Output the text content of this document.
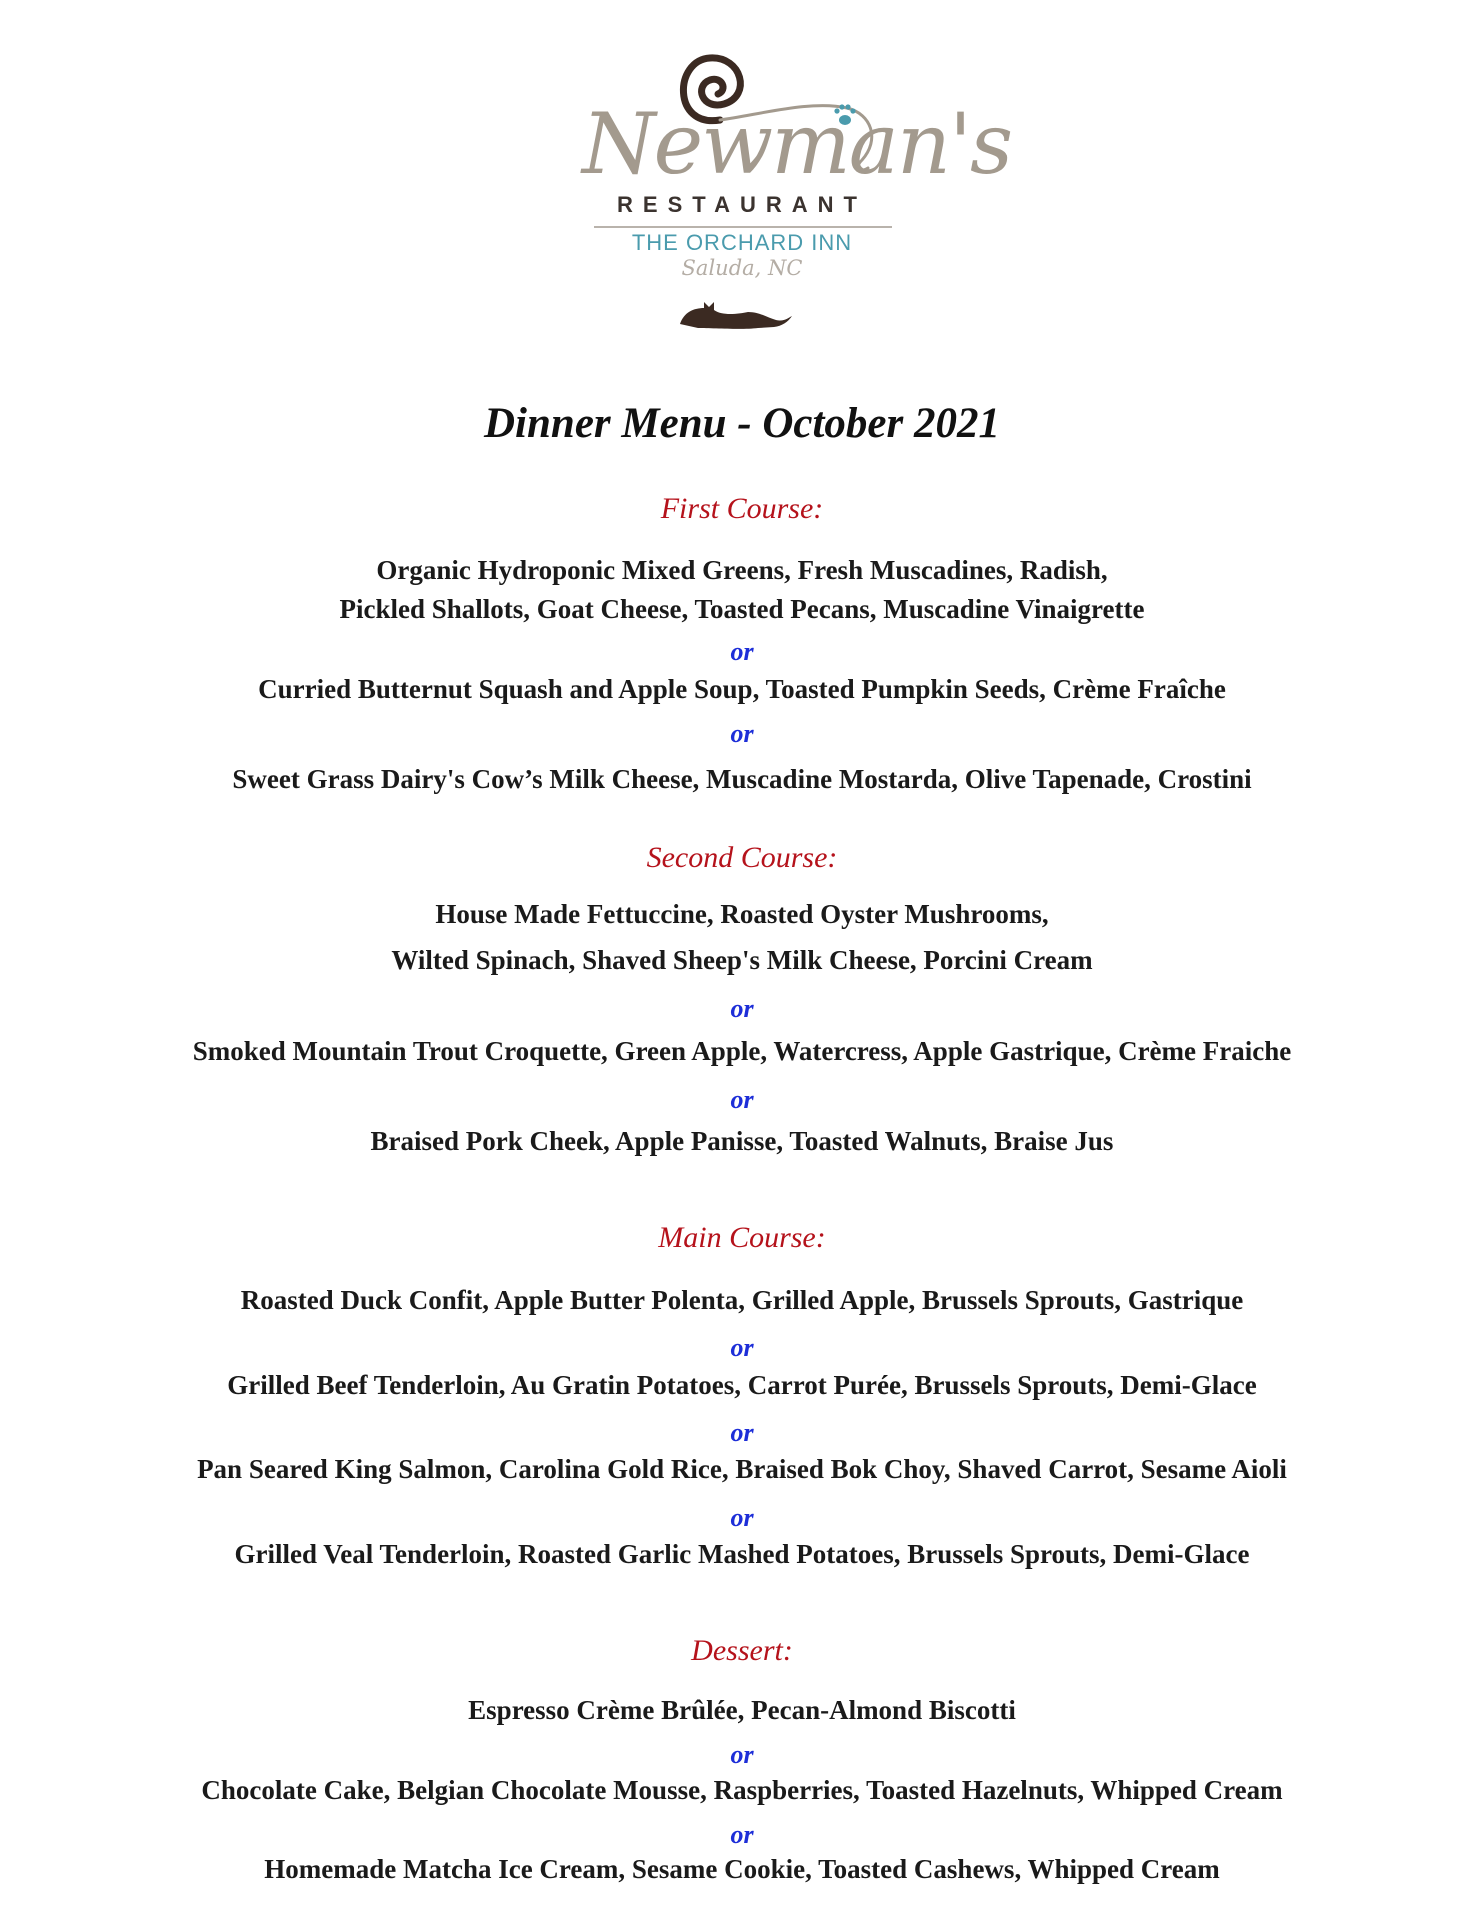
Newman's
RESTAURANT
THE ORCHARD INN
Saluda, NC
Dinner Menu - October 2021
First Course:
Organic Hydroponic Mixed Greens, Fresh Muscadines, Radish,
Pickled Shallots, Goat Cheese, Toasted Pecans, Muscadine Vinaigrette
or
Curried Butternut Squash and Apple Soup, Toasted Pumpkin Seeds, Crème Fraîche
or
Sweet Grass Dairy's Cow’s Milk Cheese, Muscadine Mostarda, Olive Tapenade, Crostini
Second Course:
House Made Fettuccine, Roasted Oyster Mushrooms,
Wilted Spinach, Shaved Sheep's Milk Cheese, Porcini Cream
or
Smoked Mountain Trout Croquette, Green Apple, Watercress, Apple Gastrique, Crème Fraiche
or
Braised Pork Cheek, Apple Panisse, Toasted Walnuts, Braise Jus
Main Course:
Roasted Duck Confit, Apple Butter Polenta, Grilled Apple, Brussels Sprouts, Gastrique
or
Grilled Beef Tenderloin, Au Gratin Potatoes, Carrot Purée, Brussels Sprouts, Demi-Glace
or
Pan Seared King Salmon, Carolina Gold Rice, Braised Bok Choy, Shaved Carrot, Sesame Aioli
or
Grilled Veal Tenderloin, Roasted Garlic Mashed Potatoes, Brussels Sprouts, Demi-Glace
Dessert:
Espresso Crème Brûlée, Pecan-Almond Biscotti
or
Chocolate Cake, Belgian Chocolate Mousse, Raspberries, Toasted Hazelnuts, Whipped Cream
or
Homemade Matcha Ice Cream, Sesame Cookie, Toasted Cashews, Whipped Cream
